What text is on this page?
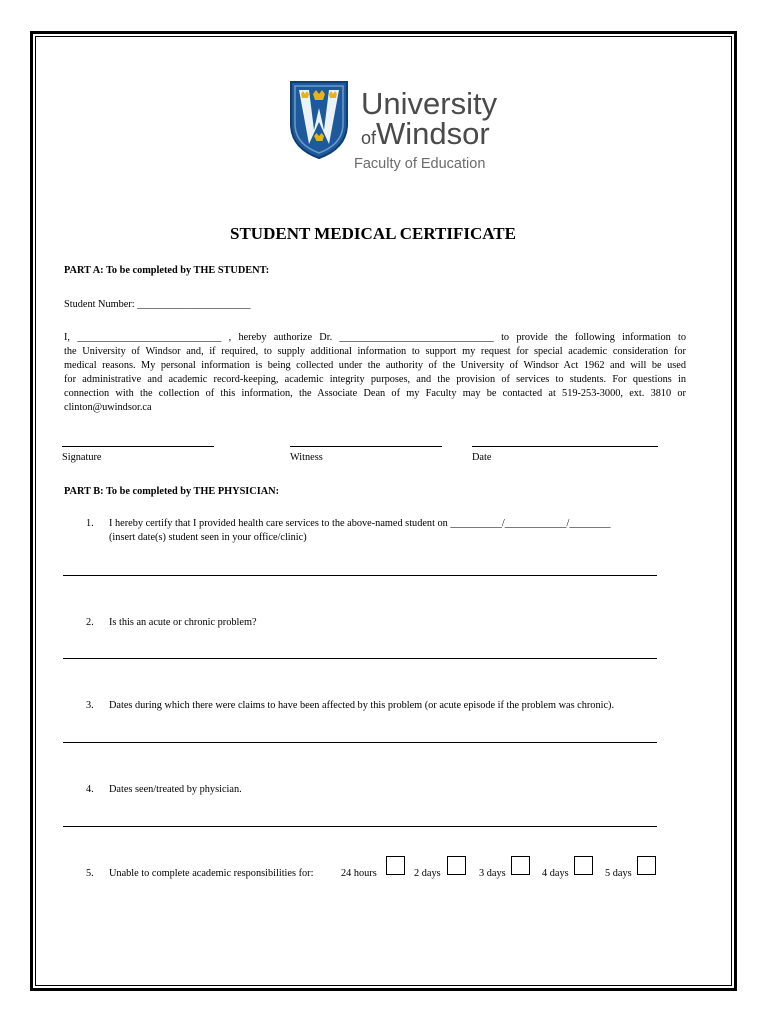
University
ofWindsor
Faculty of Education
STUDENT MEDICAL CERTIFICATE
PART A: To be completed by THE STUDENT:
Student Number: ______________________
I, ____________________________ , hereby authorize Dr. ______________________________ to provide the following information to
the University of Windsor and, if required, to supply additional information to support my request for special academic consideration for
medical reasons. My personal information is being collected under the authority of the University of Windsor Act 1962 and will be used
for administrative and academic record-keeping, academic integrity purposes, and the provision of services to students. For questions in
connection with the collection of this information, the Associate Dean of my Faculty may be contacted at 519-253-3000, ext. 3810 or
clinton@uwindsor.ca
Signature	Witness	Date
PART B: To be completed by THE PHYSICIAN:
1. I hereby certify that I provided health care services to the above-named student on __________/____________/________
(insert date(s) student seen in your office/clinic)
2. Is this an acute or chronic problem?
3. Dates during which there were claims to have been affected by this problem (or acute episode if the problem was chronic).
4. Dates seen/treated by physician.
5. Unable to complete academic responsibilities for:	24 hours	2 days	3 days	4 days	5 days
